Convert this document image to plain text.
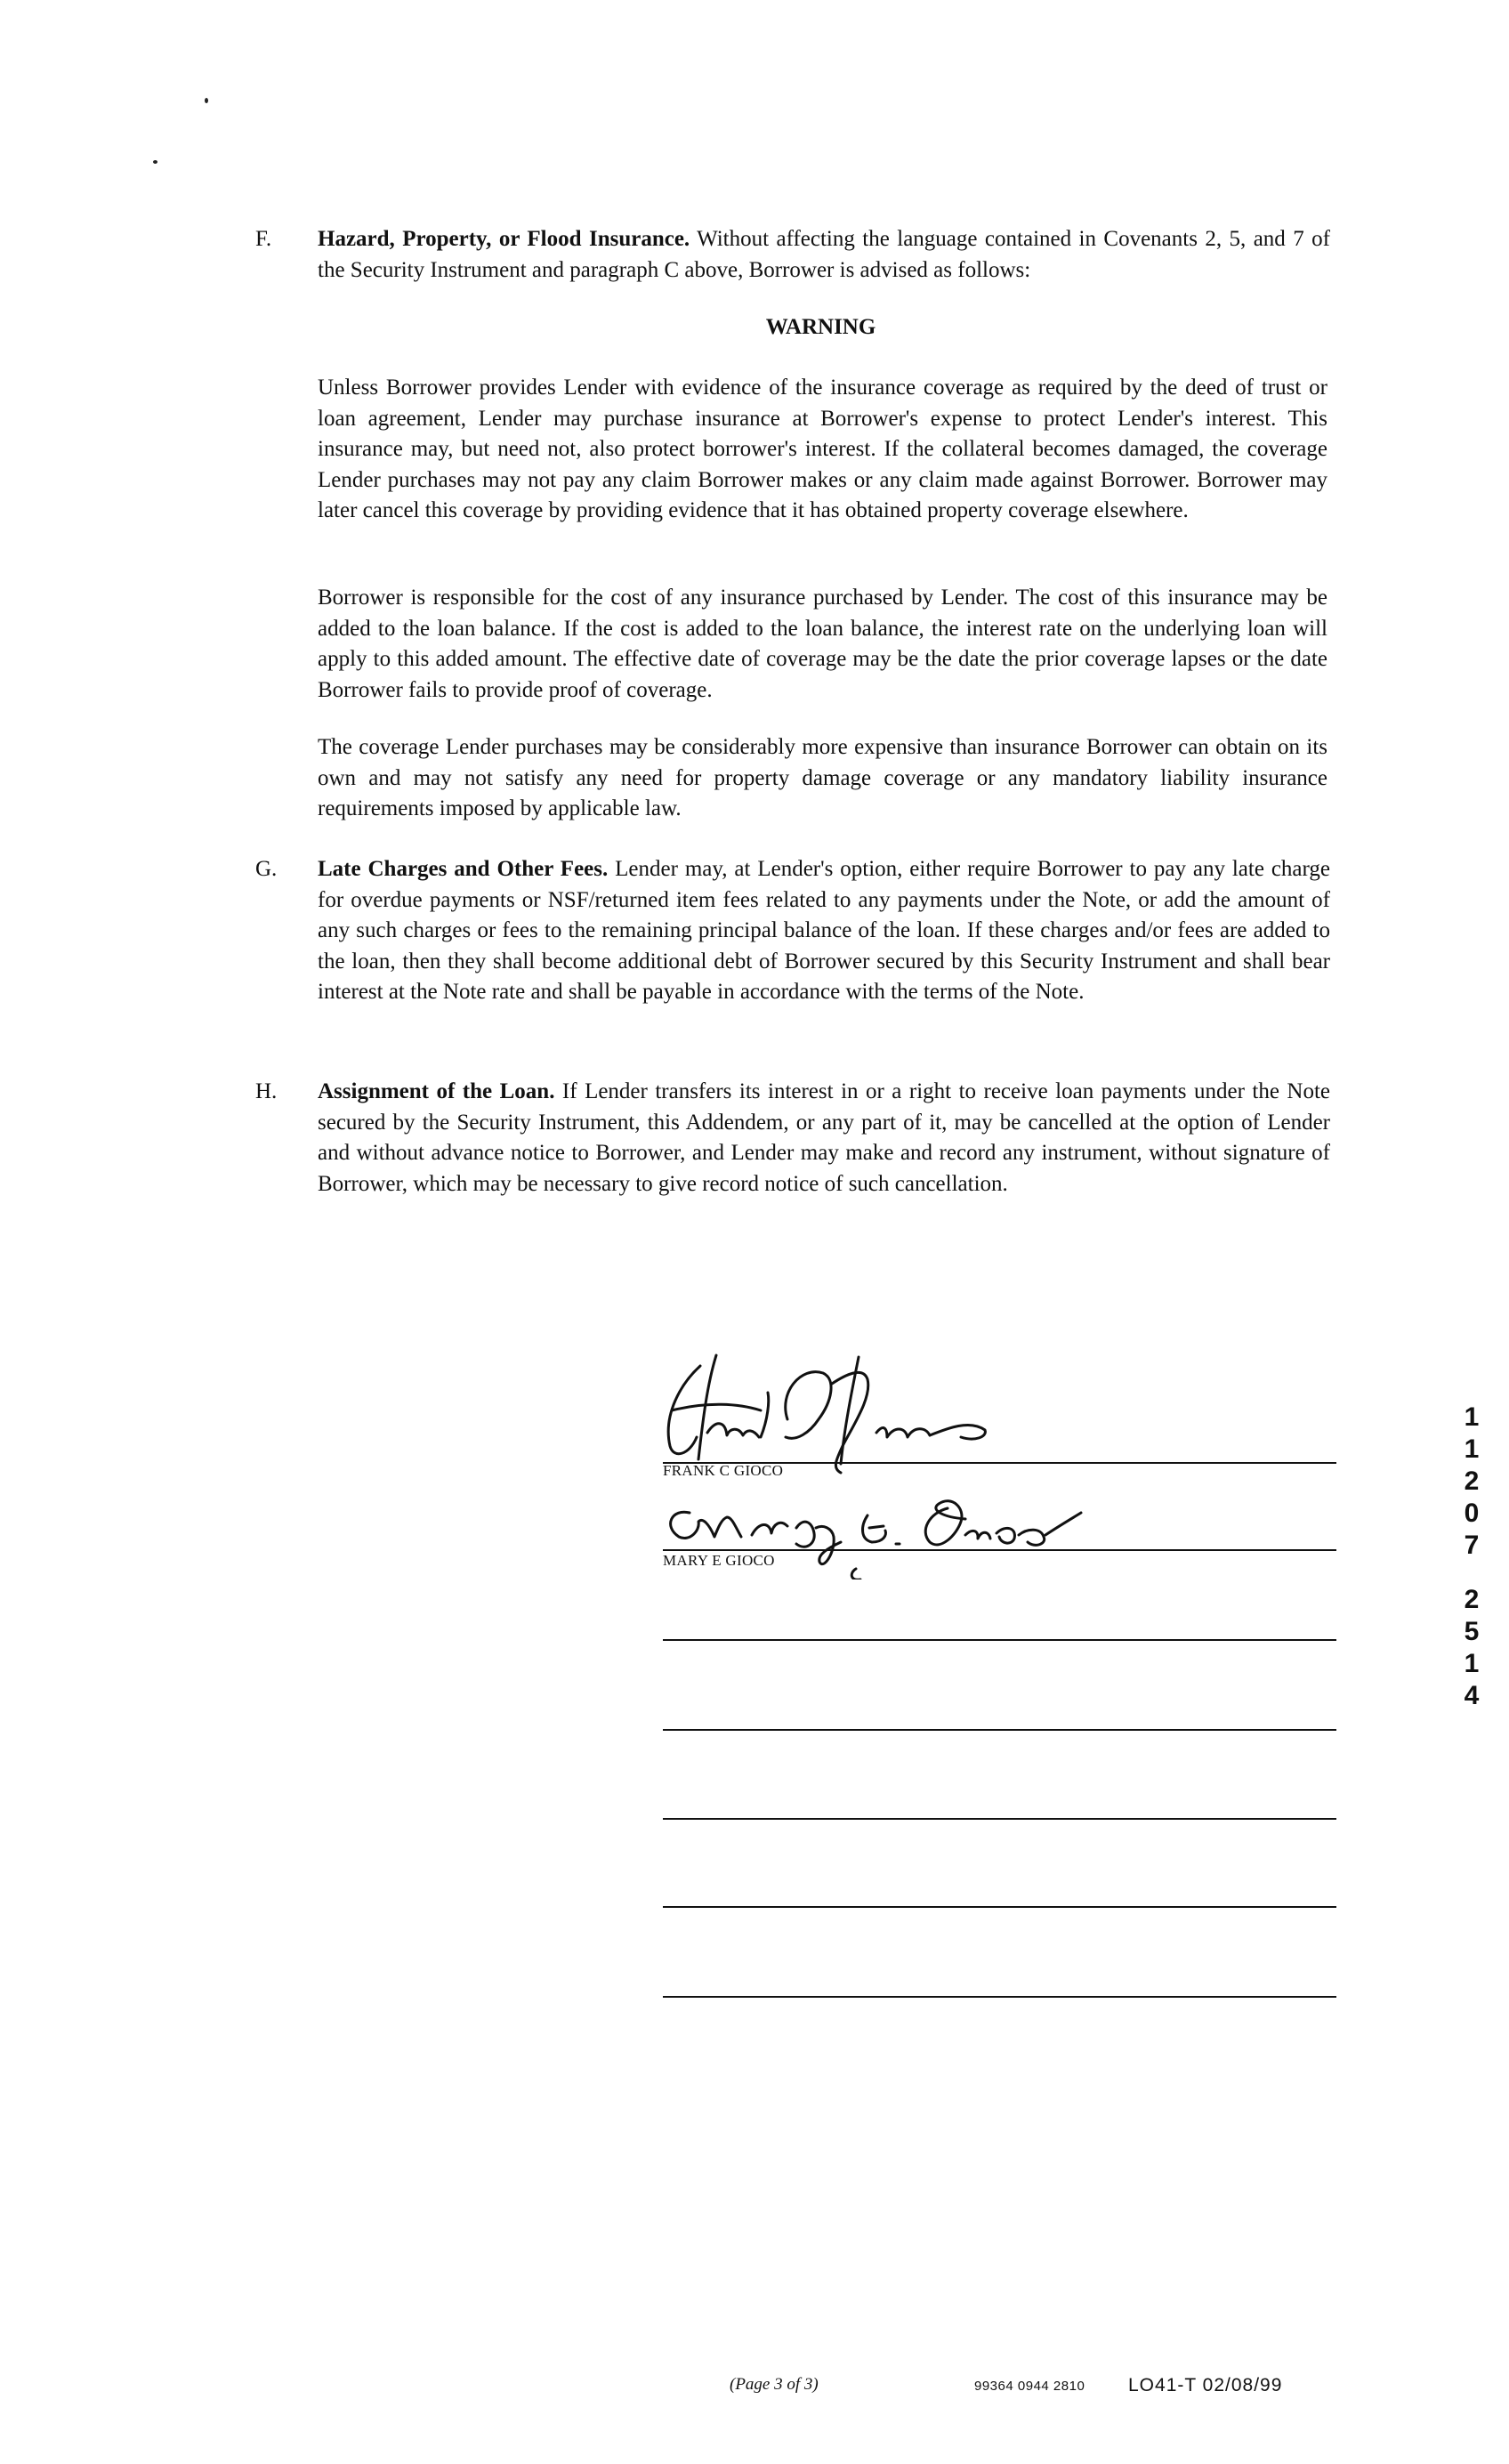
F. Hazard, Property, or Flood Insurance. Without affecting the language contained in Covenants 2, 5, and 7 of the Security Instrument and paragraph C above, Borrower is advised as follows:
WARNING

Unless Borrower provides Lender with evidence of the insurance coverage as required by the deed of trust or loan agreement, Lender may purchase insurance at Borrower's expense to protect Lender's interest. This insurance may, but need not, also protect borrower's interest. If the collateral becomes damaged, the coverage Lender purchases may not pay any claim Borrower makes or any claim made against Borrower. Borrower may later cancel this coverage by providing evidence that it has obtained property coverage elsewhere.

Borrower is responsible for the cost of any insurance purchased by Lender. The cost of this insurance may be added to the loan balance. If the cost is added to the loan balance, the interest rate on the underlying loan will apply to this added amount. The effective date of coverage may be the date the prior coverage lapses or the date Borrower fails to provide proof of coverage.

The coverage Lender purchases may be considerably more expensive than insurance Borrower can obtain on its own and may not satisfy any need for property damage coverage or any mandatory liability insurance requirements imposed by applicable law.

G. Late Charges and Other Fees. Lender may, at Lender's option, either require Borrower to pay any late charge for overdue payments or NSF/returned item fees related to any payments under the Note, or add the amount of any such charges or fees to the remaining principal balance of the loan. If these charges and/or fees are added to the loan, then they shall become additional debt of Borrower secured by this Security Instrument and shall bear interest at the Note rate and shall be payable in accordance with the terms of the Note.
H. Assignment of the Loan. If Lender transfers its interest in or a right to receive loan payments under the Note secured by the Security Instrument, this Addendem, or any part of it, may be cancelled at the option of Lender and without advance notice to Borrower, and Lender may make and record any instrument, without signature of Borrower, which may be necessary to give record notice of such cancellation.
FRANK C GIOCO
MARY E GIOCO
1
1
2
0
7
2
5
1
4
(Page 3 of 3)	99364 0944 2810 LO41-T 02/08/99
